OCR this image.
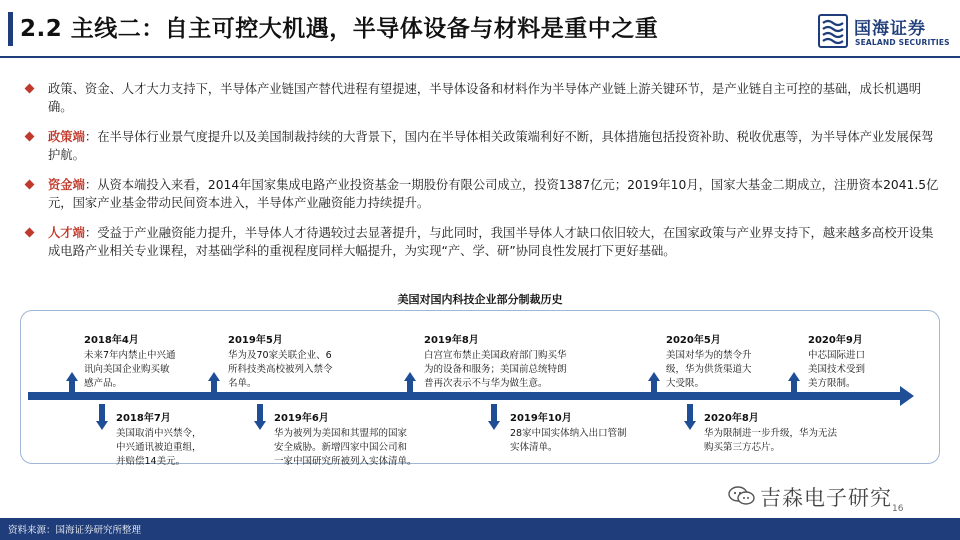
2.2 主线二：自主可控大机遇，半导体设备与材料是重中之重	国海证券
SEALAND SECURITIES
政策、资金、人才大力支持下，半导体产业链国产替代进程有望提速，半导体设备和材料作为半导体产业链上游关键环节，是产业链自主可控的基础，成长机遇明确。
政策端：在半导体行业景气度提升以及美国制裁持续的大背景下，国内在半导体相关政策端利好不断，具体措施包括投资补助、税收优惠等，为半导体产业发展保驾护航。
资金端：从资本端投入来看，2014年国家集成电路产业投资基金一期股份有限公司成立，投资1387亿元；2019年10月，国家大基金二期成立，注册资本2041.5亿元，国家产业基金带动民间资本进入，半导体产业融资能力持续提升。
人才端：受益于产业融资能力提升，半导体人才待遇较过去显著提升，与此同时，我国半导体人才缺口依旧较大，在国家政策与产业界支持下，越来越多高校开设集成电路产业相关专业课程，对基础学科的重视程度同样大幅提升，为实现“产、学、研”协同良性发展打下更好基础。
美国对国内科技企业部分制裁历史
2018年4月
未来7年内禁止中兴通
讯向美国企业购买敏
感产品。
2019年5月
华为及70家关联企业、6
所科技类高校被列入禁令
名单。
2019年8月
白宫宣布禁止美国政府部门购买华
为的设备和服务；美国前总统特朗
普再次表示不与华为做生意。
2020年5月
美国对华为的禁令升
级，华为供货渠道大
大受限。
2020年9月
中芯国际进口
美国技术受到
美方限制。
2018年7月
美国取消中兴禁令，
中兴通讯被迫重组，
并赔偿14美元。
2019年6月
华为被列为美国和其盟邦的国家
安全威胁。新增四家中国公司和
一家中国研究所被列入实体清单。
2019年10月
28家中国实体纳入出口管制
实体清单。
2020年8月
华为限制进一步升级，华为无法
购买第三方芯片。
吉森电子研究 16
资料来源：国海证券研究所整理
